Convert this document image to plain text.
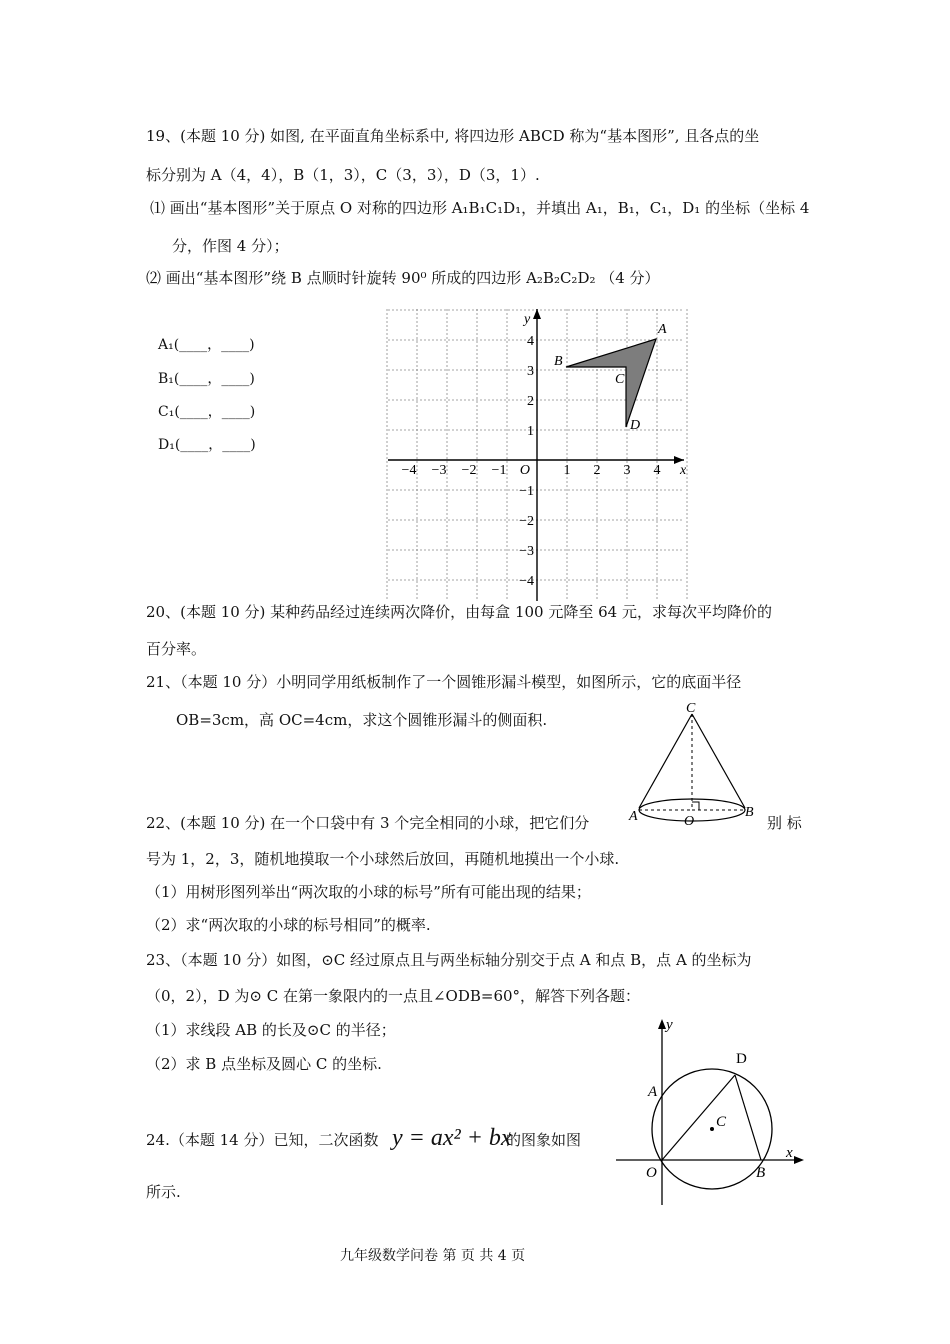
19、(本题 10 分) 如图, 在平面直角坐标系中, 将四边形 ABCD 称为“基本图形”, 且各点的坐
标分别为 A（4，4），B（1，3），C（3，3），D（3，1）.
⑴ 画出“基本图形”关于原点 O 对称的四边形 A₁B₁C₁D₁，并填出 A₁，B₁，C₁，D₁ 的坐标（坐标 4
分，作图 4 分）；
⑵ 画出“基本图形”绕 B 点顺时针旋转 90⁰ 所成的四边形 A₂B₂C₂D₂ （4 分）
A₁(____，____)
B₁(____，____)
C₁(____，____)
D₁(____，____)
−4 −3 −2 −1	1 2 3 4
4
3
2
1
−1
−2
−3
−4
O	x
y
A
B
C
D
20、(本题 10 分) 某种药品经过连续两次降价，由每盒 100 元降至 64 元，求每次平均降价的
百分率。
21、（本题 10 分）小明同学用纸板制作了一个圆锥形漏斗模型，如图所示，它的底面半径
OB=3cm，高 OC=4cm，求这个圆锥形漏斗的侧面积.
C
A	O
B
22、(本题 10 分) 在一个口袋中有 3 个完全相同的小球，把它们分	别 标
号为 1，2，3，随机地摸取一个小球然后放回，再随机地摸出一个小球.
（1）用树形图列举出“两次取的小球的标号”所有可能出现的结果；
（2）求“两次取的小球的标号相同”的概率.
23、（本题 10 分）如图，⊙C 经过原点且与两坐标轴分别交于点 A 和点 B，点 A 的坐标为
（0，2），D 为⊙ C 在第一象限内的一点且∠ODB=60°，解答下列各题：
（1）求线段 AB 的长及⊙C 的半径；
（2）求 B 点坐标及圆心 C 的坐标.
y
x
D
A
C
O	B
24.（本题 14 分）已知，二次函数 y = ax² + bx
的图象如图
所示.
九年级数学问卷 第 页 共 4 页
